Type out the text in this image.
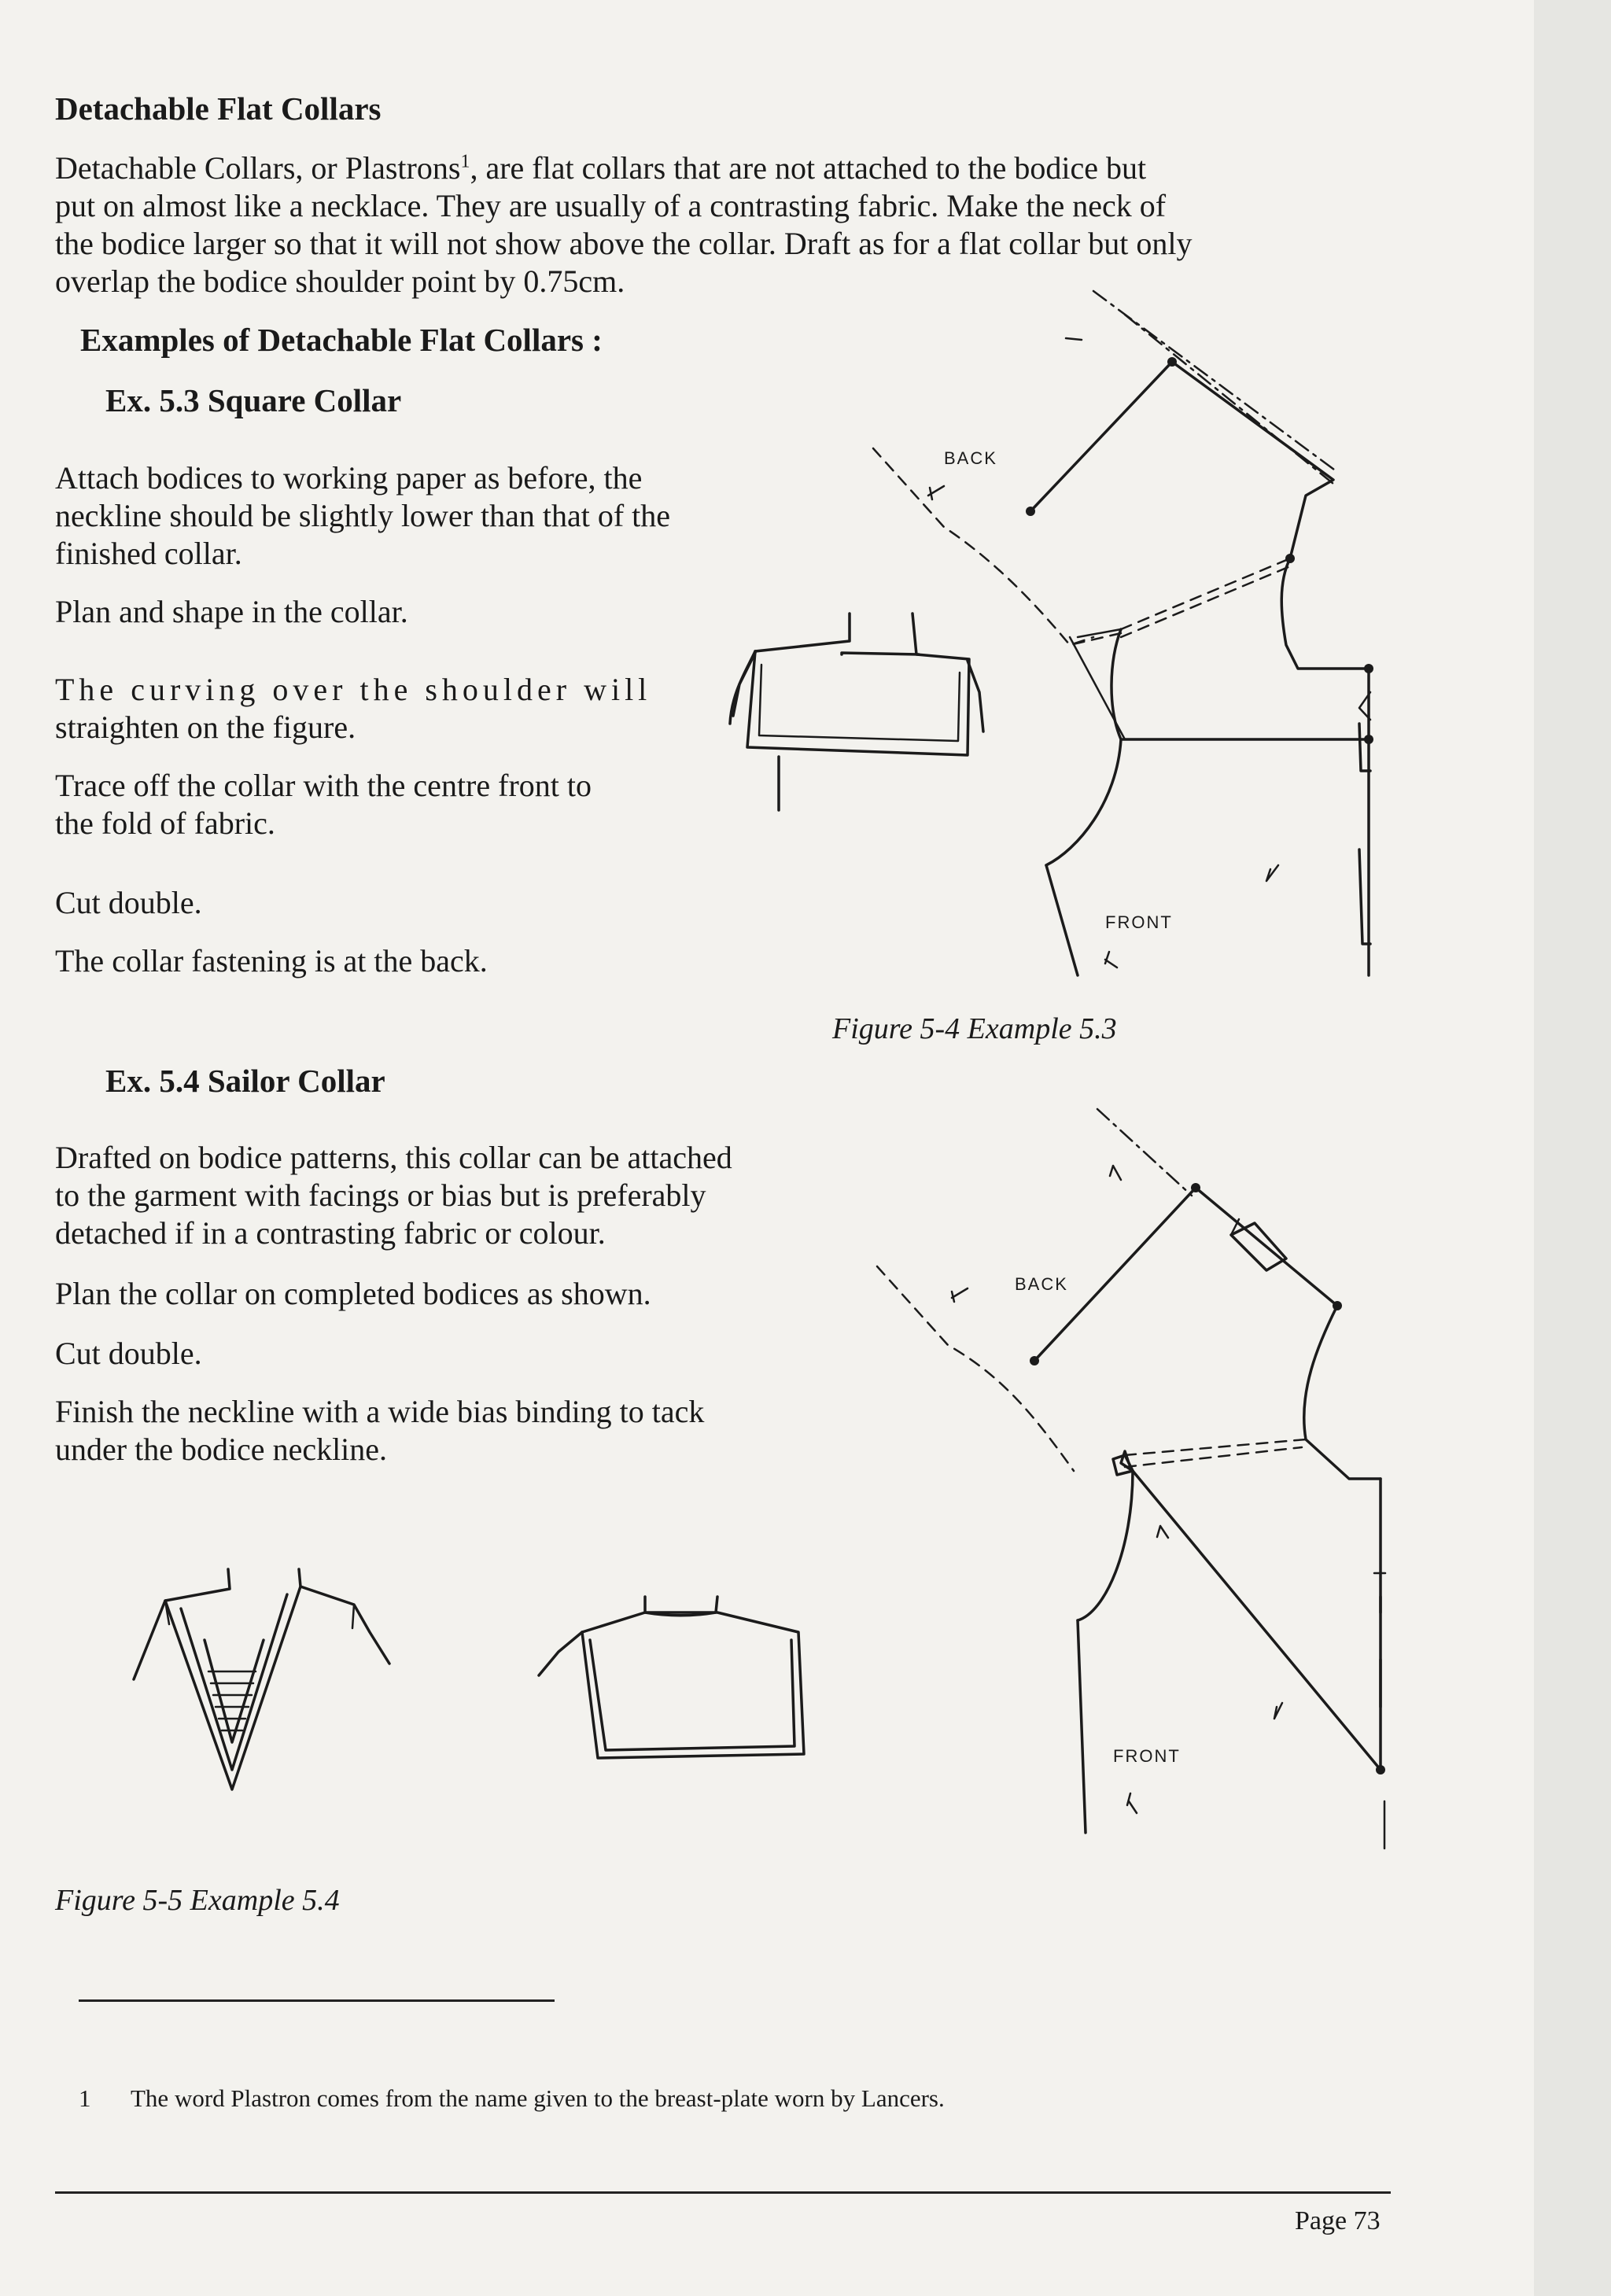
Detachable Flat Collars

Detachable Collars, or Plastrons$^1$, are flat collars that are not attached to the bodice but

put on almost like a necklace. They are usually of a contrasting fabric. Make the neck of

the bodice larger so that it will not show above the collar. Draft as for a flat collar but only

overlap the bodice shoulder point by 0.75cm.

Examples of Detachable Flat Collars :

Ex. 5.3 Square Collar

Attach bodices to working paper as before, the

neckline should be slightly lower than that of the

finished collar.

Plan and shape in the collar.

The curving over the shoulder will

straighten on the figure.

Trace off the collar with the centre front to

the fold of fabric.

Cut double.

The collar fastening is at the back.

BACK
FRONT

Figure 5-4 Example 5.3

Ex. 5.4 Sailor Collar

Drafted on bodice patterns, this collar can be attached

to the garment with facings or bias but is preferably

detached if in a contrasting fabric or colour.

Plan the collar on completed bodices as shown.

Cut double.

Finish the neckline with a wide bias binding to tack

under the bodice neckline.

BACK
FRONT

Figure 5-5 Example 5.4

1 The word Plastron comes from the name given to the breast-plate worn by Lancers.

Page 73
